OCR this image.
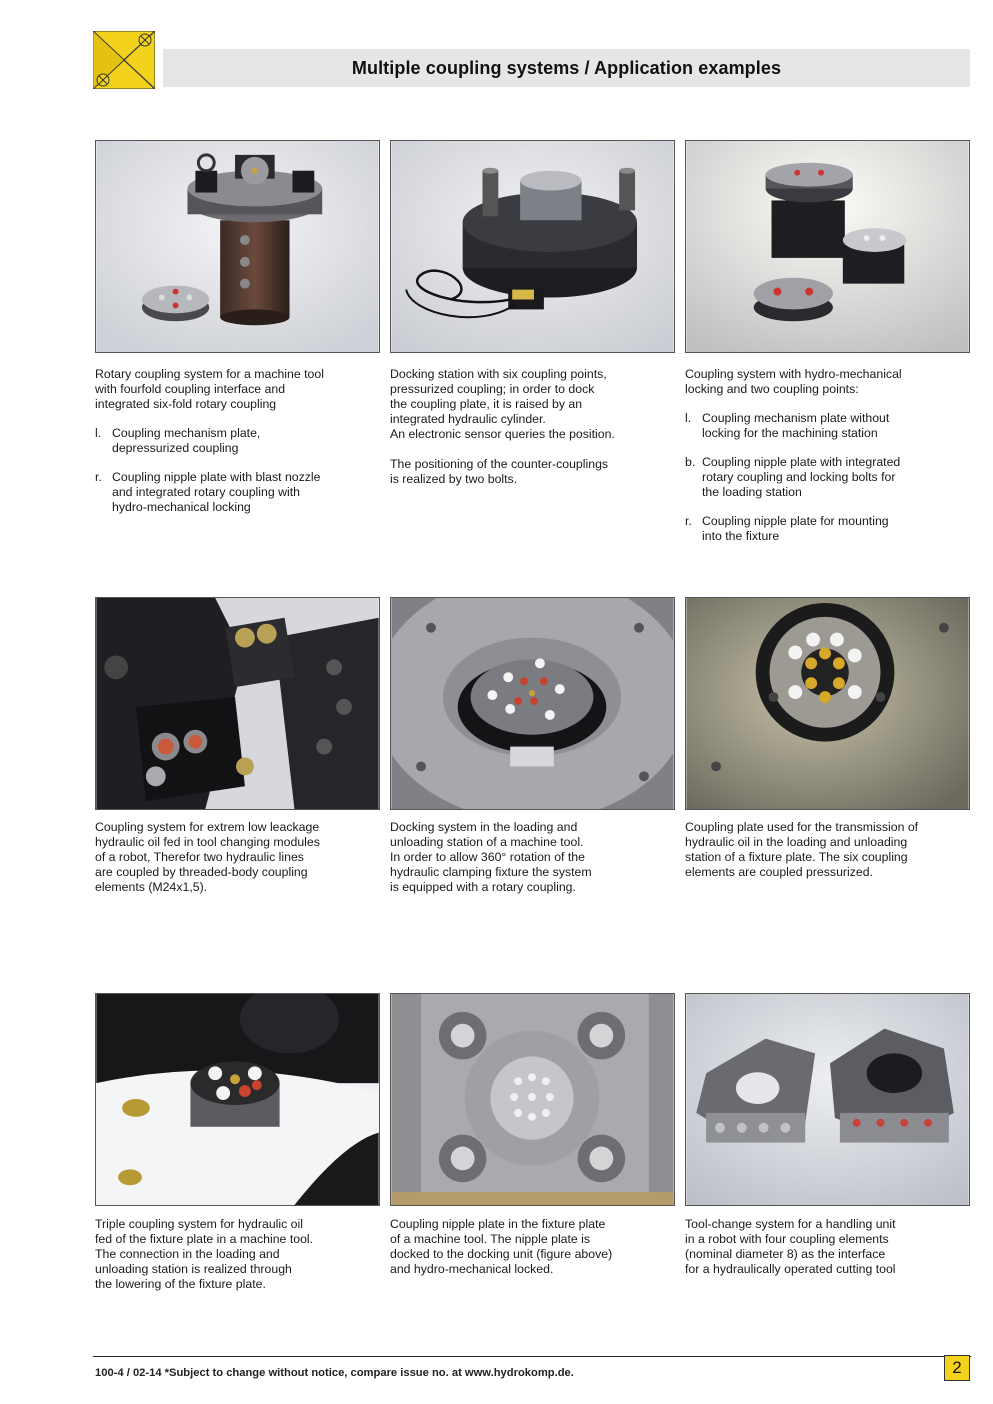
Multiple coupling systems / Application examples

Rotary coupling system for a machine tool

with fourfold coupling interface and

integrated six-fold rotary coupling

l. Coupling mechanism plate,

depressurized coupling

r. Coupling nipple plate with blast nozzle

and integrated rotary coupling with

hydro-mechanical locking

Docking station with six coupling points,

pressurized coupling; in order to dock

the coupling plate, it is raised by an

integrated hydraulic cylinder.

An electronic sensor queries the position.

The positioning of the counter-couplings

is realized by two bolts.

Coupling system with hydro-mechanical

locking and two coupling points:

l. Coupling mechanism plate without

locking for the machining station

b. Coupling nipple plate with integrated

rotary coupling and locking bolts for

the loading station

r. Coupling nipple plate for mounting

into the fixture

Coupling system for extrem low leackage

hydraulic oil fed in tool changing modules

of a robot, Therefor two hydraulic lines

are coupled by threaded-body coupling

elements (M24x1,5).

Docking system in the loading and

unloading station of a machine tool.

In order to allow 360° rotation of the

hydraulic clamping fixture the system

is equipped with a rotary coupling.

Coupling plate used for the transmission of

hydraulic oil in the loading and unloading

station of a fixture plate. The six coupling

elements are coupled pressurized.

Triple coupling system for hydraulic oil

fed of the fixture plate in a machine tool.

The connection in the loading and

unloading station is realized through

the lowering of the fixture plate.

Coupling nipple plate in the fixture plate

of a machine tool. The nipple plate is

docked to the docking unit (figure above)

and hydro-mechanical locked.

Tool-change system for a handling unit

in a robot with four coupling elements

(nominal diameter 8) as the interface

for a hydraulically operated cutting tool

100-4 / 02-14 *Subject to change without notice, compare issue no. at www.hydrokomp.de.	2
